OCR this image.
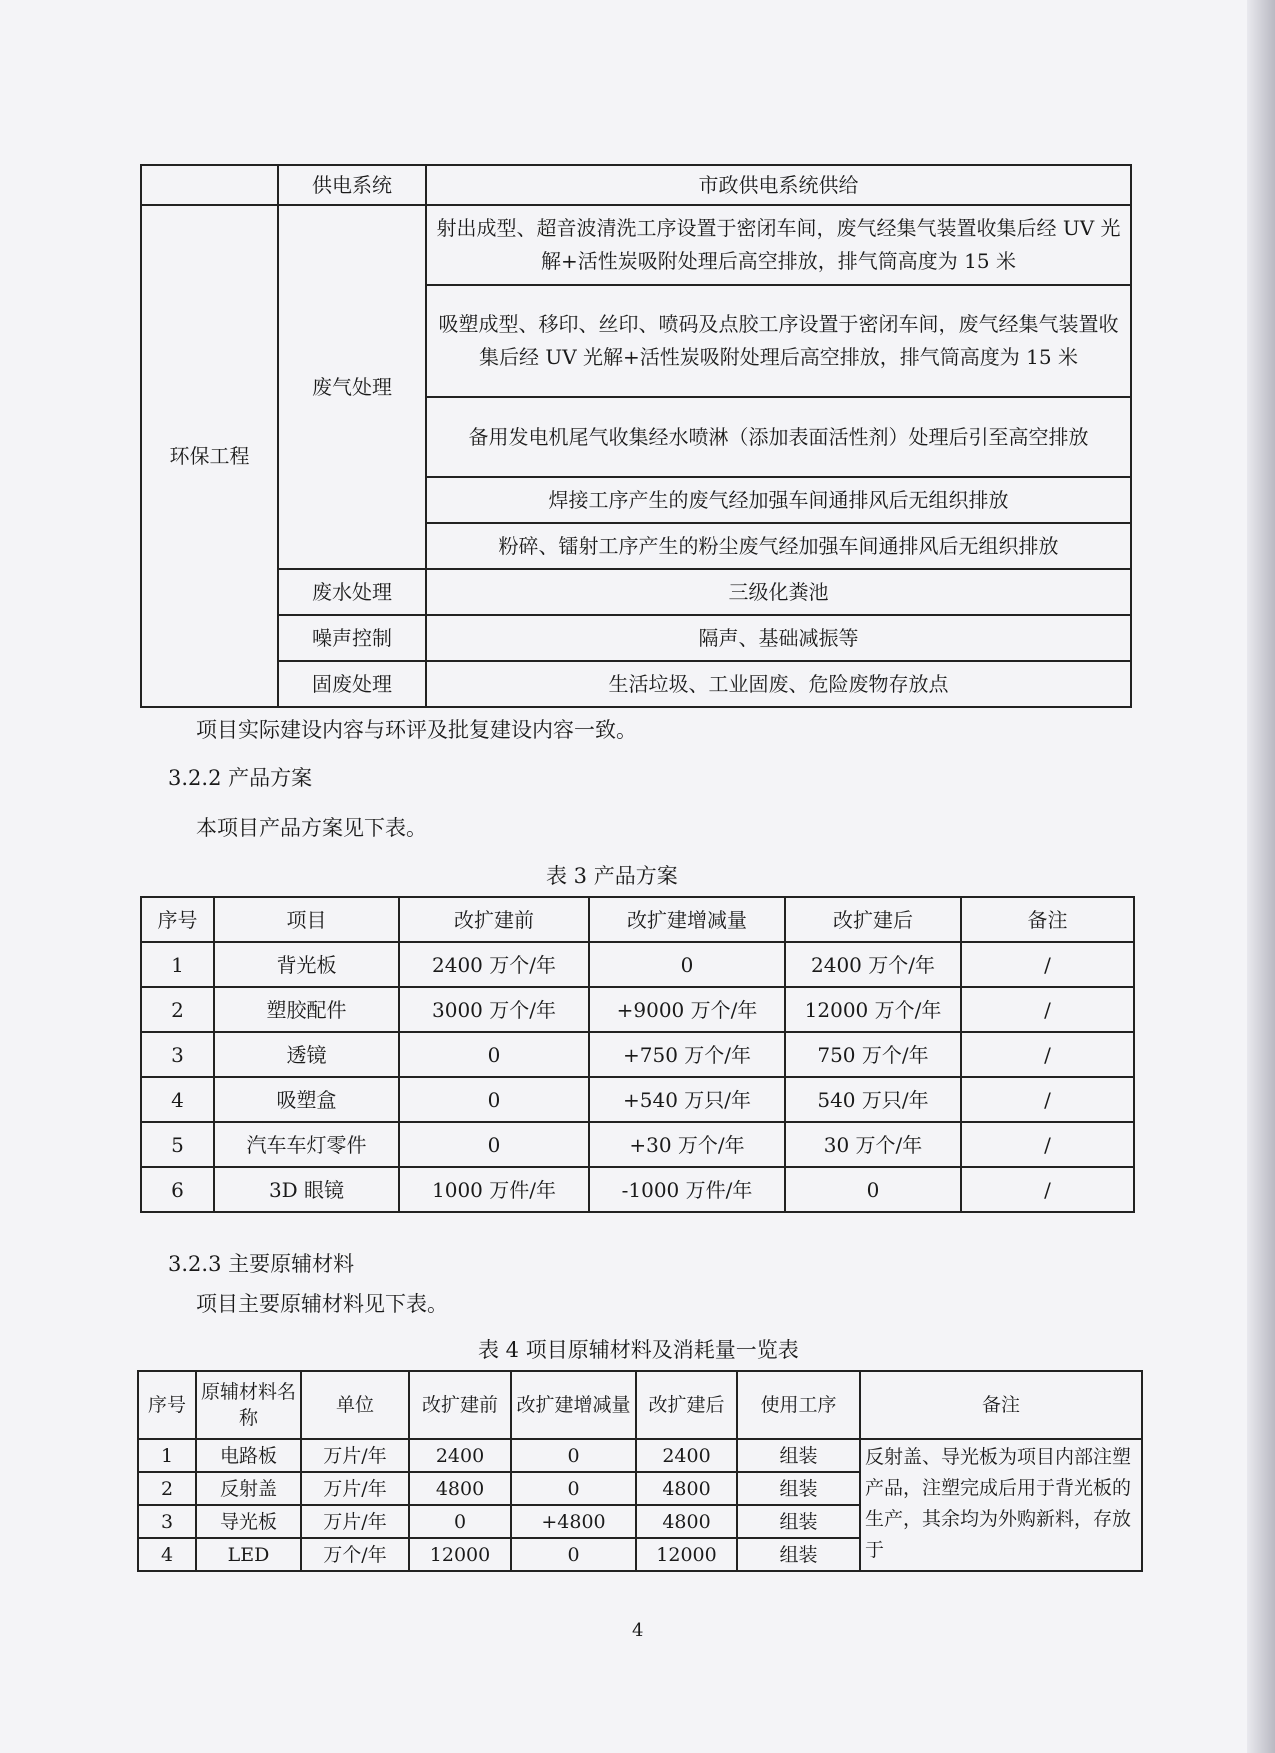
	供电系统	市政供电系统供给
环保工程	废气处理	射出成型、超音波清洗工序设置于密闭车间，废气经集气装置收集后经 UV 光解+活性炭吸附处理后高空排放，排气筒高度为 15 米
		吸塑成型、移印、丝印、喷码及点胶工序设置于密闭车间，废气经集气装置收集后经 UV 光解+活性炭吸附处理后高空排放，排气筒高度为 15 米
		备用发电机尾气收集经水喷淋（添加表面活性剂）处理后引至高空排放
		焊接工序产生的废气经加强车间通排风后无组织排放
		粉碎、镭射工序产生的粉尘废气经加强车间通排风后无组织排放
	废水处理	三级化粪池
	噪声控制	隔声、基础减振等
	固废处理	生活垃圾、工业固废、危险废物存放点
项目实际建设内容与环评及批复建设内容一致。
3.2.2 产品方案
本项目产品方案见下表。
表 3 产品方案
序号	项目	改扩建前	改扩建增减量	改扩建后	备注
1	背光板	2400 万个/年	0	2400 万个/年	/
2	塑胶配件	3000 万个/年	+9000 万个/年	12000 万个/年	/
3	透镜	0	+750 万个/年	750 万个/年	/
4	吸塑盒	0	+540 万只/年	540 万只/年	/
5	汽车车灯零件	0	+30 万个/年	30 万个/年	/
6	3D 眼镜	1000 万件/年	-1000 万件/年	0	/
3.2.3 主要原辅材料
项目主要原辅材料见下表。
表 4 项目原辅材料及消耗量一览表
序号	原辅材料名称	单位	改扩建前	改扩建增减量	改扩建后	使用工序	备注
1	电路板	万片/年	2400	0	2400	组装	反射盖、导光板为项目内部注塑产品，注塑完成后用于背光板的生产，其余均为外购新料，存放于
2	反射盖	万片/年	4800	0	4800	组装	
3	导光板	万片/年	0	+4800	4800	组装	
4	LED	万个/年	12000	0	12000	组装	
4
